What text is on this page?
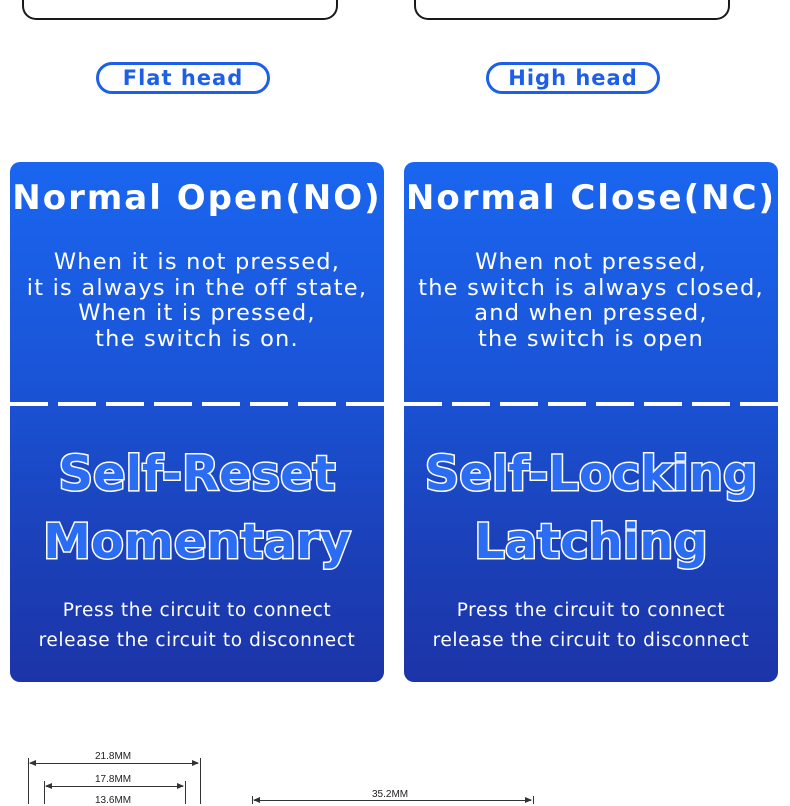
Flat head	High head
Normal Open(NO)
When it is not pressed,
it is always in the off state,
When it is pressed,
the switch is on.
Self-Reset
Momentary
Press the circuit to connect
release the circuit to disconnect
Normal Close(NC)
When not pressed,
the switch is always closed,
and when pressed,
the switch is open
Self-Locking
Latching
Press the circuit to connect
release the circuit to disconnect
21.8MM
17.8MM
13.6MM
35.2MM
